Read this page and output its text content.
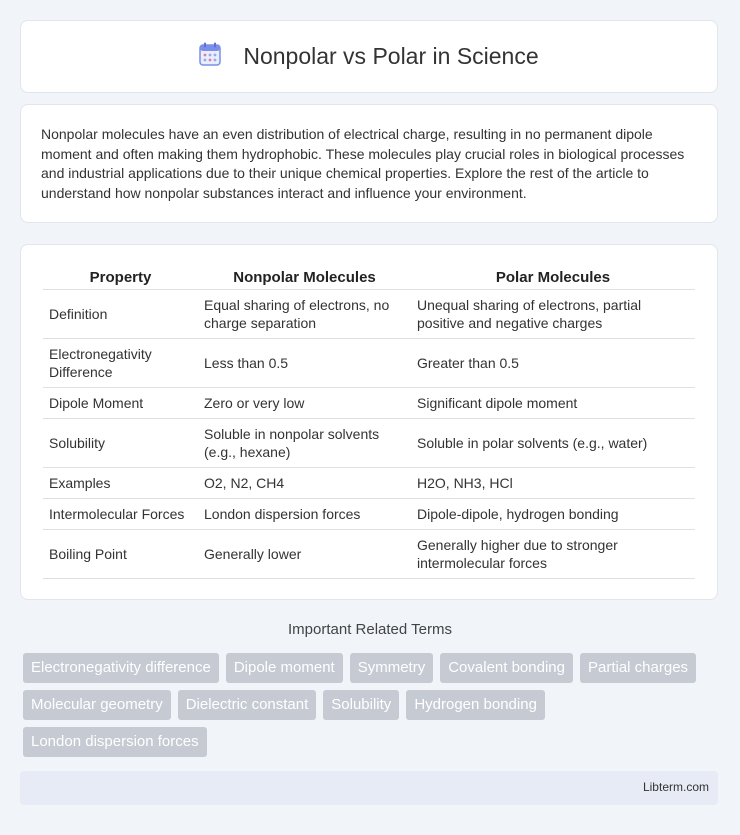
Nonpolar vs Polar in Science

Nonpolar molecules have an even distribution of electrical charge, resulting in no permanent dipole moment and often making them hydrophobic. These molecules play crucial roles in biological processes and industrial applications due to their unique chemical properties. Explore the rest of the article to understand how nonpolar substances interact and influence your environment.

Property	Nonpolar Molecules	Polar Molecules
Definition	Equal sharing of electrons, no charge separation	Unequal sharing of electrons, partial positive and negative charges
Electronegativity Difference	Less than 0.5	Greater than 0.5
Dipole Moment	Zero or very low	Significant dipole moment
Solubility	Soluble in nonpolar solvents (e.g., hexane)	Soluble in polar solvents (e.g., water)
Examples	O2, N2, CH4	H2O, NH3, HCl
Intermolecular Forces	London dispersion forces	Dipole-dipole, hydrogen bonding
Boiling Point	Generally lower	Generally higher due to stronger intermolecular forces
Important Related Terms
Electronegativity difference	Dipole moment	Symmetry	Covalent bonding	Partial charges
Molecular geometry	Dielectric constant	Solubility	Hydrogen bonding
London dispersion forces
Libterm.com
